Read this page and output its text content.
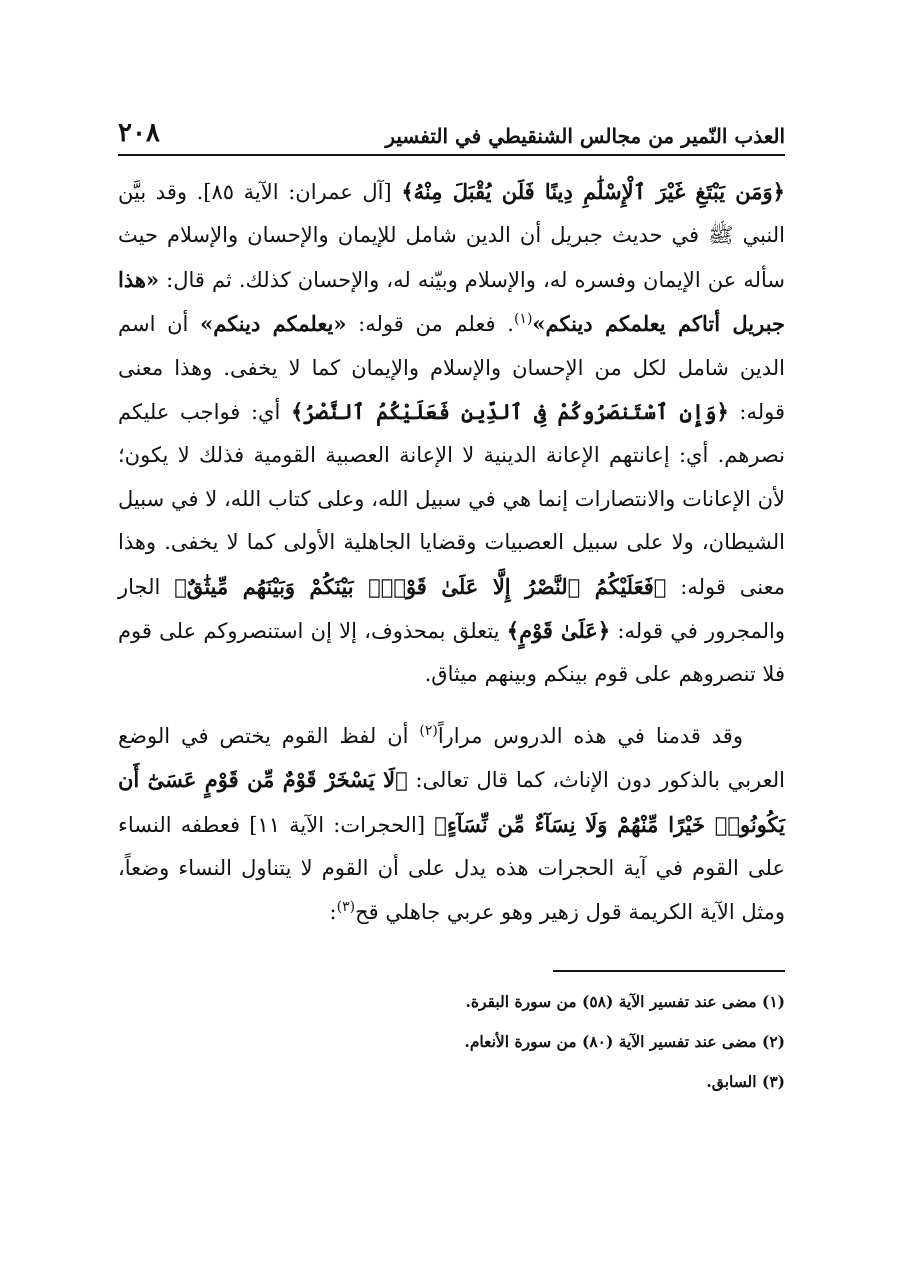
العذب النّمير من مجالس الشنقيطي في التفسير
٢٠٨

﴿وَمَن يَبْتَغِ غَيْرَ ٱلْإِسْلَٰمِ دِينًا فَلَن يُقْبَلَ مِنْهُ﴾ [آل عمران: الآية ٨٥]. وقد بيَّن النبي ﷺ في حديث جبريل أن الدين شامل للإيمان والإحسان والإسلام حيث سأله عن الإيمان وفسره له، والإسلام وبيّنه له، والإحسان كذلك. ثم قال: «هذا جبريل أتاكم يعلمكم دينكم»$^{(١)}$. فعلم من قوله: «يعلمكم دينكم» أن اسم الدين شامل لكل من الإحسان والإسلام والإيمان كما لا يخفى. وهذا معنى قوله: ﴿وَإِنِ ٱسْتَنصَرُوكُمْ فِى ٱلدِّينِ فَعَلَيْكُمُ ٱلنَّصْرُ﴾ أي: فواجب عليكم نصرهم. أي: إعانتهم الإعانة الدينية لا الإعانة العصبية القومية فذلك لا يكون؛ لأن الإعانات والانتصارات إنما هي في سبيل الله، وعلى كتاب الله، لا في سبيل الشيطان، ولا على سبيل العصبيات وقضايا الجاهلية الأولى كما لا يخفى. وهذا معنى قوله: ﴿فَعَلَيْكُمُ ٱلنَّصْرُ إِلَّا عَلَىٰ قَوْمٍۭ بَيْنَكُمْ وَبَيْنَهُم مِّيثَٰقٌ﴾ الجار والمجرور في قوله: ﴿عَلَىٰ قَوْمٍ﴾ يتعلق بمحذوف، إلا إن استنصروكم على قوم فلا تنصروهم على قوم بينكم وبينهم ميثاق.

وقد قدمنا في هذه الدروس مراراً$^{(٢)}$ أن لفظ القوم يختص في الوضع العربي بالذكور دون الإناث، كما قال تعالى: ﴿لَا يَسْخَرْ قَوْمٌ مِّن قَوْمٍ عَسَىٰٓ أَن يَكُونُوا۟ خَيْرًا مِّنْهُمْ وَلَا نِسَآءٌ مِّن نِّسَآءٍ﴾ [الحجرات: الآية ١١] فعطفه النساء على القوم في آية الحجرات هذه يدل على أن القوم لا يتناول النساء وضعاً، ومثل الآية الكريمة قول زهير وهو عربي جاهلي قح$^{(٣)}$:

(١) مضى عند تفسير الآية (٥٨) من سورة البقرة.

(٢) مضى عند تفسير الآية (٨٠) من سورة الأنعام.

(٣) السابق.
